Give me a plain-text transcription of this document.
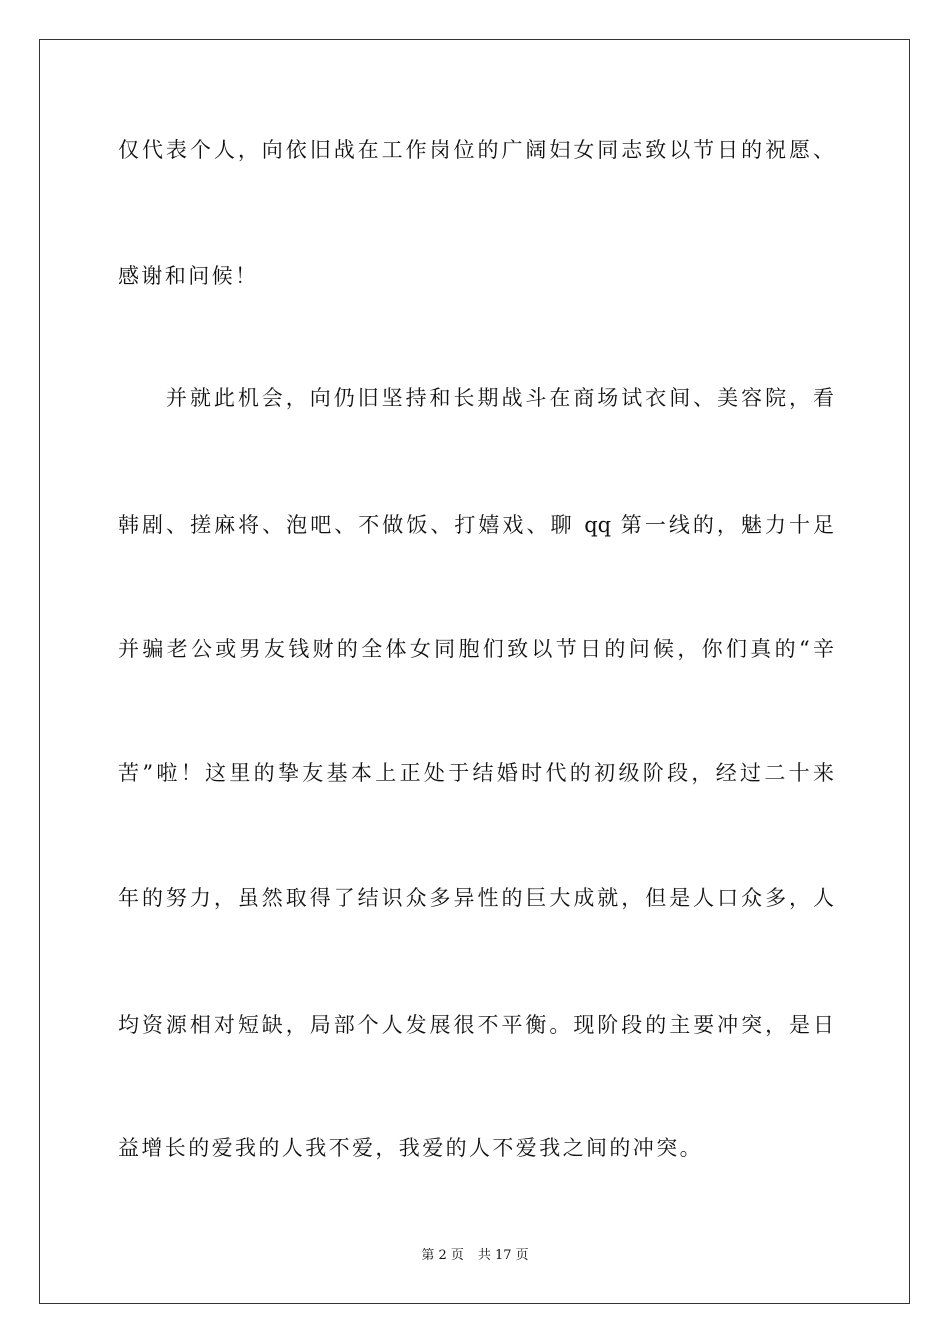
仅代表个人，向依旧战在工作岗位的广阔妇女同志致以节日的祝愿、
感谢和问候！
　　并就此机会，向仍旧坚持和长期战斗在商场试衣间、美容院，看
韩剧、搓麻将、泡吧、不做饭、打嬉戏、聊 qq 第一线的，魅力十足
并骗老公或男友钱财的全体女同胞们致以节日的问候，你们真的“辛
苦”啦！这里的挚友基本上正处于结婚时代的初级阶段，经过二十来
年的努力，虽然取得了结识众多异性的巨大成就，但是人口众多，人
均资源相对短缺，局部个人发展很不平衡。现阶段的主要冲突，是日
益增长的爱我的人我不爱，我爱的人不爱我之间的冲突。
第 2 页 共 17 页
